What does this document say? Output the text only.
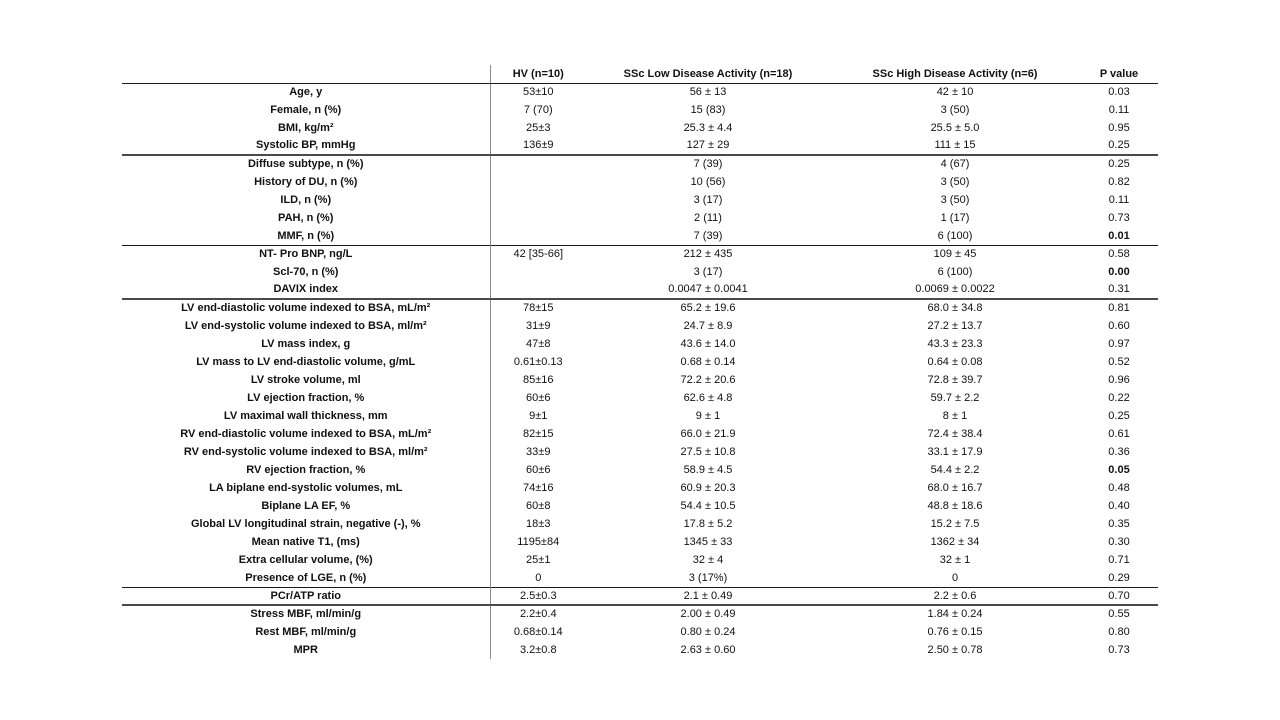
	HV (n=10)	SSc Low Disease Activity (n=18)	SSc High Disease Activity (n=6)	P value
Age, y	53±10	56 ± 13	42 ± 10	0.03
Female, n (%)	7 (70)	15 (83)	3 (50)	0.11
BMI, kg/m²	25±3	25.3 ± 4.4	25.5 ± 5.0	0.95
Systolic BP, mmHg	136±9	127 ± 29	111 ± 15	0.25
Diffuse subtype, n (%)		7 (39)	4 (67)	0.25
History of DU, n (%)		10 (56)	3 (50)	0.82
ILD, n (%)		3 (17)	3 (50)	0.11
PAH, n (%)		2 (11)	1 (17)	0.73
MMF, n (%)		7 (39)	6 (100)	0.01
NT- Pro BNP, ng/L	42 [35-66]	212 ± 435	109 ± 45	0.58
Scl-70, n (%)		3 (17)	6 (100)	0.00
DAVIX index		0.0047 ± 0.0041	0.0069 ± 0.0022	0.31
LV end-diastolic volume indexed to BSA, mL/m²	78±15	65.2 ± 19.6	68.0 ± 34.8	0.81
LV end-systolic volume indexed to BSA, ml/m²	31±9	24.7 ± 8.9	27.2 ± 13.7	0.60
LV mass index, g	47±8	43.6 ± 14.0	43.3 ± 23.3	0.97
LV mass to LV end-diastolic volume, g/mL	0.61±0.13	0.68 ± 0.14	0.64 ± 0.08	0.52
LV stroke volume, ml	85±16	72.2 ± 20.6	72.8 ± 39.7	0.96
LV ejection fraction, %	60±6	62.6 ± 4.8	59.7 ± 2.2	0.22
LV maximal wall thickness, mm	9±1	9 ± 1	8 ± 1	0.25
RV end-diastolic volume indexed to BSA, mL/m²	82±15	66.0 ± 21.9	72.4 ± 38.4	0.61
RV end-systolic volume indexed to BSA, ml/m²	33±9	27.5 ± 10.8	33.1 ± 17.9	0.36
RV ejection fraction, %	60±6	58.9 ± 4.5	54.4 ± 2.2	0.05
LA biplane end-systolic volumes, mL	74±16	60.9 ± 20.3	68.0 ± 16.7	0.48
Biplane LA EF, %	60±8	54.4 ± 10.5	48.8 ± 18.6	0.40
Global LV longitudinal strain, negative (-), %	18±3	17.8 ± 5.2	15.2 ± 7.5	0.35
Mean native T1, (ms)	1195±84	1345 ± 33	1362 ± 34	0.30
Extra cellular volume, (%)	25±1	32 ± 4	32 ± 1	0.71
Presence of LGE, n (%)	0	3 (17%)	0	0.29
PCr/ATP ratio	2.5±0.3	2.1 ± 0.49	2.2 ± 0.6	0.70
Stress MBF, ml/min/g	2.2±0.4	2.00 ± 0.49	1.84 ± 0.24	0.55
Rest MBF, ml/min/g	0.68±0.14	0.80 ± 0.24	0.76 ± 0.15	0.80
MPR	3.2±0.8	2.63 ± 0.60	2.50 ± 0.78	0.73
